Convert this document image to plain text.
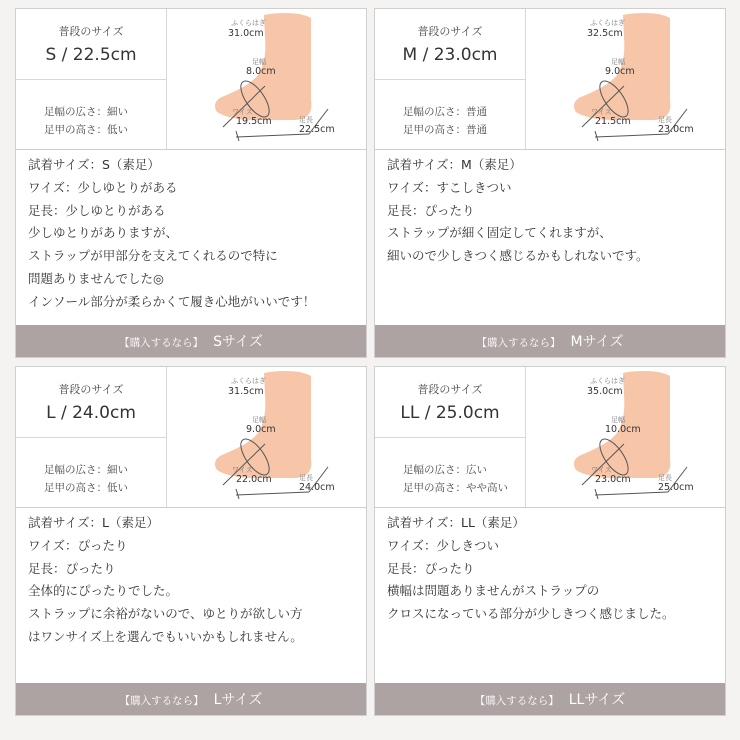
普段のサイズ
S / 22.5cm
足幅の広さ：細い
足甲の高さ：低い
ふくらはぎ
31.0cm
足幅
8.0cm
ワイズ
19.5cm	足長
22.5cm
試着サイズ：S（素足）
ワイズ：少しゆとりがある
足長：少しゆとりがある
少しゆとりがありますが、
ストラップが甲部分を支えてくれるので特に
問題ありませんでした◎
インソール部分が柔らかくて履き心地がいいです！
【購入するなら】 Sサイズ
普段のサイズ
M / 23.0cm
足幅の広さ：普通
足甲の高さ：普通
ふくらはぎ
32.5cm
足幅
9.0cm
ワイズ
21.5cm	足長
23.0cm
試着サイズ：M（素足）
ワイズ：すこしきつい
足長：ぴったり
ストラップが細く固定してくれますが、
細いので少しきつく感じるかもしれないです。
【購入するなら】 Mサイズ
普段のサイズ
L / 24.0cm
足幅の広さ：細い
足甲の高さ：低い
ふくらはぎ
31.5cm
足幅
9.0cm
ワイズ
22.0cm	足長
24.0cm
試着サイズ：L（素足）
ワイズ：ぴったり
足長：ぴったり
全体的にぴったりでした。
ストラップに余裕がないので、ゆとりが欲しい方
はワンサイズ上を選んでもいいかもしれません。
【購入するなら】 Lサイズ
普段のサイズ
LL / 25.0cm
足幅の広さ：広い
足甲の高さ：やや高い
ふくらはぎ
35.0cm
足幅
10.0cm
ワイズ
23.0cm	足長
25.0cm
試着サイズ：LL（素足）
ワイズ：少しきつい
足長：ぴったり
横幅は問題ありませんがストラップの
クロスになっている部分が少しきつく感じました。
【購入するなら】 LLサイズ
